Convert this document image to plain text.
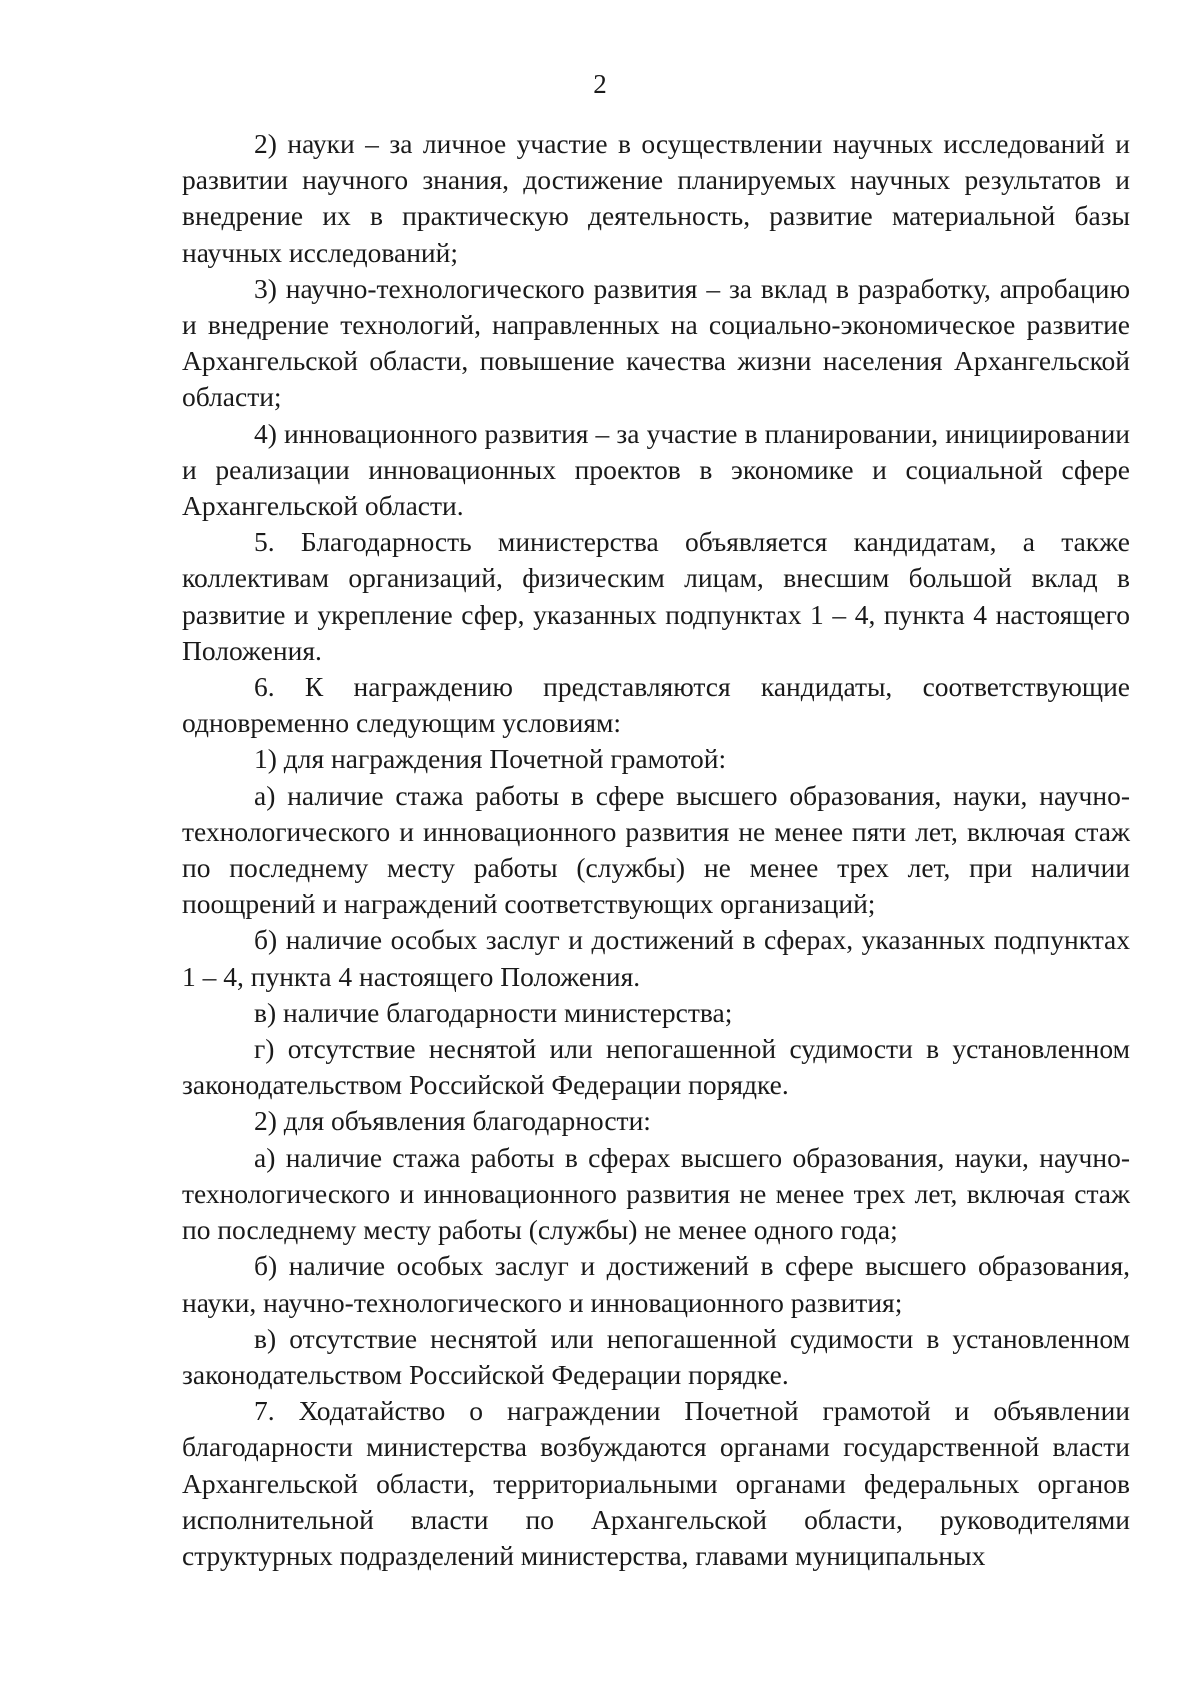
2

2) науки – за личное участие в осуществлении научных исследований и развитии научного знания, достижение планируемых научных результатов и внедрение их в практическую деятельность, развитие материальной базы научных исследований;

3) научно-технологического развития – за вклад в разработку, апробацию и внедрение технологий, направленных на социально-экономическое развитие Архангельской области, повышение качества жизни населения Архангельской области;

4) инновационного развития – за участие в планировании, инициировании и реализации инновационных проектов в экономике и социальной сфере Архангельской области.

5. Благодарность министерства объявляется кандидатам, а также коллективам организаций, физическим лицам, внесшим большой вклад в развитие и укрепление сфер, указанных подпунктах 1 – 4, пункта 4 настоящего Положения.

6. К награждению представляются кандидаты, соответствующие одновременно следующим условиям:

1) для награждения Почетной грамотой:

а) наличие стажа работы в сфере высшего образования, науки, научно-технологического и инновационного развития не менее пяти лет, включая стаж по последнему месту работы (службы) не менее трех лет, при наличии поощрений и награждений соответствующих организаций;

б) наличие особых заслуг и достижений в сферах, указанных подпунктах 1 – 4, пункта 4 настоящего Положения.

в) наличие благодарности министерства;

г) отсутствие неснятой или непогашенной судимости в установленном законодательством Российской Федерации порядке.

2) для объявления благодарности:

а) наличие стажа работы в сферах высшего образования, науки, научно-технологического и инновационного развития не менее трех лет, включая стаж по последнему месту работы (службы) не менее одного года;

б) наличие особых заслуг и достижений в сфере высшего образования, науки, научно-технологического и инновационного развития;

в) отсутствие неснятой или непогашенной судимости в установленном законодательством Российской Федерации порядке.

7. Ходатайство о награждении Почетной грамотой и объявлении благодарности министерства возбуждаются органами государственной власти Архангельской области, территориальными органами федеральных органов исполнительной власти по Архангельской области, руководителями структурных подразделений министерства, главами муниципальных
